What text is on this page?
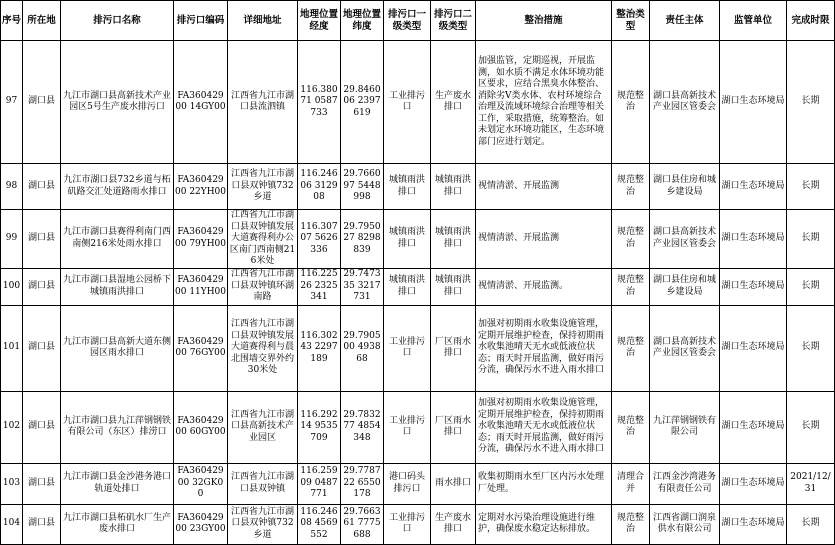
序号	所在地	排污口名称	排污口编码	详细地址	地理位置经度	地理位置纬度	排污口一级类型	排污口二级类型	整治措施	整治类型	责任主体	监管单位	完成时限
97	湖口县	九江市湖口县高新技术产业园区5号生产废水排污口	FA36042900 14GY00	江西省九江市湖口县流泗镇	116.38071 0587733	29.846006 2397619	工业排污口	生产废水排口	加强监管，定期巡视，开展监测，如水质不满足水体环境功能区要求，应结合黑臭水体整治、消除劣V类水体、农村环境综合治理及流域环境综合治理等相关工作，采取措施，统筹整治。如未划定水环境功能区，生态环境部门应进行划定。	规范整治	湖口县高新技术产业园区管委会	湖口生态环境局	长期
98	湖口县	九江市湖口县732乡道与柘矶路交汇处道路雨水排口	FA36042900 22YH00	江西省九江市湖口县双钟镇732乡道	116.24606 312908	29.766097 5448998	城镇雨洪排口	城镇雨洪排口	视情清淤、开展监测	规范整治	湖口县住房和城乡建设局	湖口生态环境局	长期
99	湖口县	九江市湖口县赛得利南门西南侧216米处雨水排口	FA36042900 79YH00	江西省九江市湖口县双钟镇发展大道赛得利办公区南门西南侧216米处	116.30707 5626336	29.795027 8298839	城镇雨洪排口	城镇雨洪排口	视情清淤、开展监测	规范整治	湖口县高新技术产业园区管委会	湖口生态环境局	长期
100	湖口县	九江市湖口县湿地公园桥下城镇雨洪排口	FA36042900 11YH00	江西省九江市湖口县双钟镇环湖南路	116.22526 2325341	29.747335 3217731	城镇雨洪排口	城镇雨洪排口	视情清淤、开展监测。	规范整治	湖口县住房和城乡建设局	湖口生态环境局	长期
101	湖口县	九江市湖口县高新大道东侧园区雨水排口	FA36042900 76GY00	江西省九江市湖口县双钟镇发展大道赛得利与晨北围墙交界外约30米处	116.30243 2297189	29.790500 493868	工业排污口	厂区雨水排口	加强对初期雨水收集设施管理，定期开展维护检查，保持初期雨水收集池晴天无水或低液位状态；雨天时开展监测，做好雨污分流，确保污水不进入雨水排口	规范整治	湖口县高新技术产业园区管委会	湖口生态环境局	长期
102	湖口县	九江市湖口县九江萍钢钢铁有限公司（东区）排涝口	FA36042900 60GY00	江西省九江市湖口县高新技术产业园区	116.29214 9535709	29.783277 4854348	工业排污口	厂区雨水排口	加强对初期雨水收集设施管理，定期开展维护检查，保持初期雨水收集池晴天无水或低液位状态；雨天时开展监测，做好雨污分流，确保污水不进入雨水排口	规范整治	九江萍钢钢铁有限公司	湖口生态环境局	长期
103	湖口县	九江市湖口县金沙港务港口轨道处排口	FA36042900 32GK00	江西省九江市湖口县双钟镇	116.25909 0487771	29.778722 6550178	港口码头排污口	雨水排口	收集初期雨水至厂区内污水处理厂处理。	清理合并	江西金沙湾港务有限责任公司	湖口生态环境局	2021/12/31
104	湖口县	九江市湖口县柘矶水厂生产废水排口	FA36042900 23GY00	江西省九江市湖口县双钟镇732乡道	116.24608 4569552	29.766361 7775688	工业排污口	生产废水排口	定期对水污染治理设施进行维护，确保废水稳定达标排放。	规范整治	江西省湖口润泉供水有限公司	湖口生态环境局	长期
